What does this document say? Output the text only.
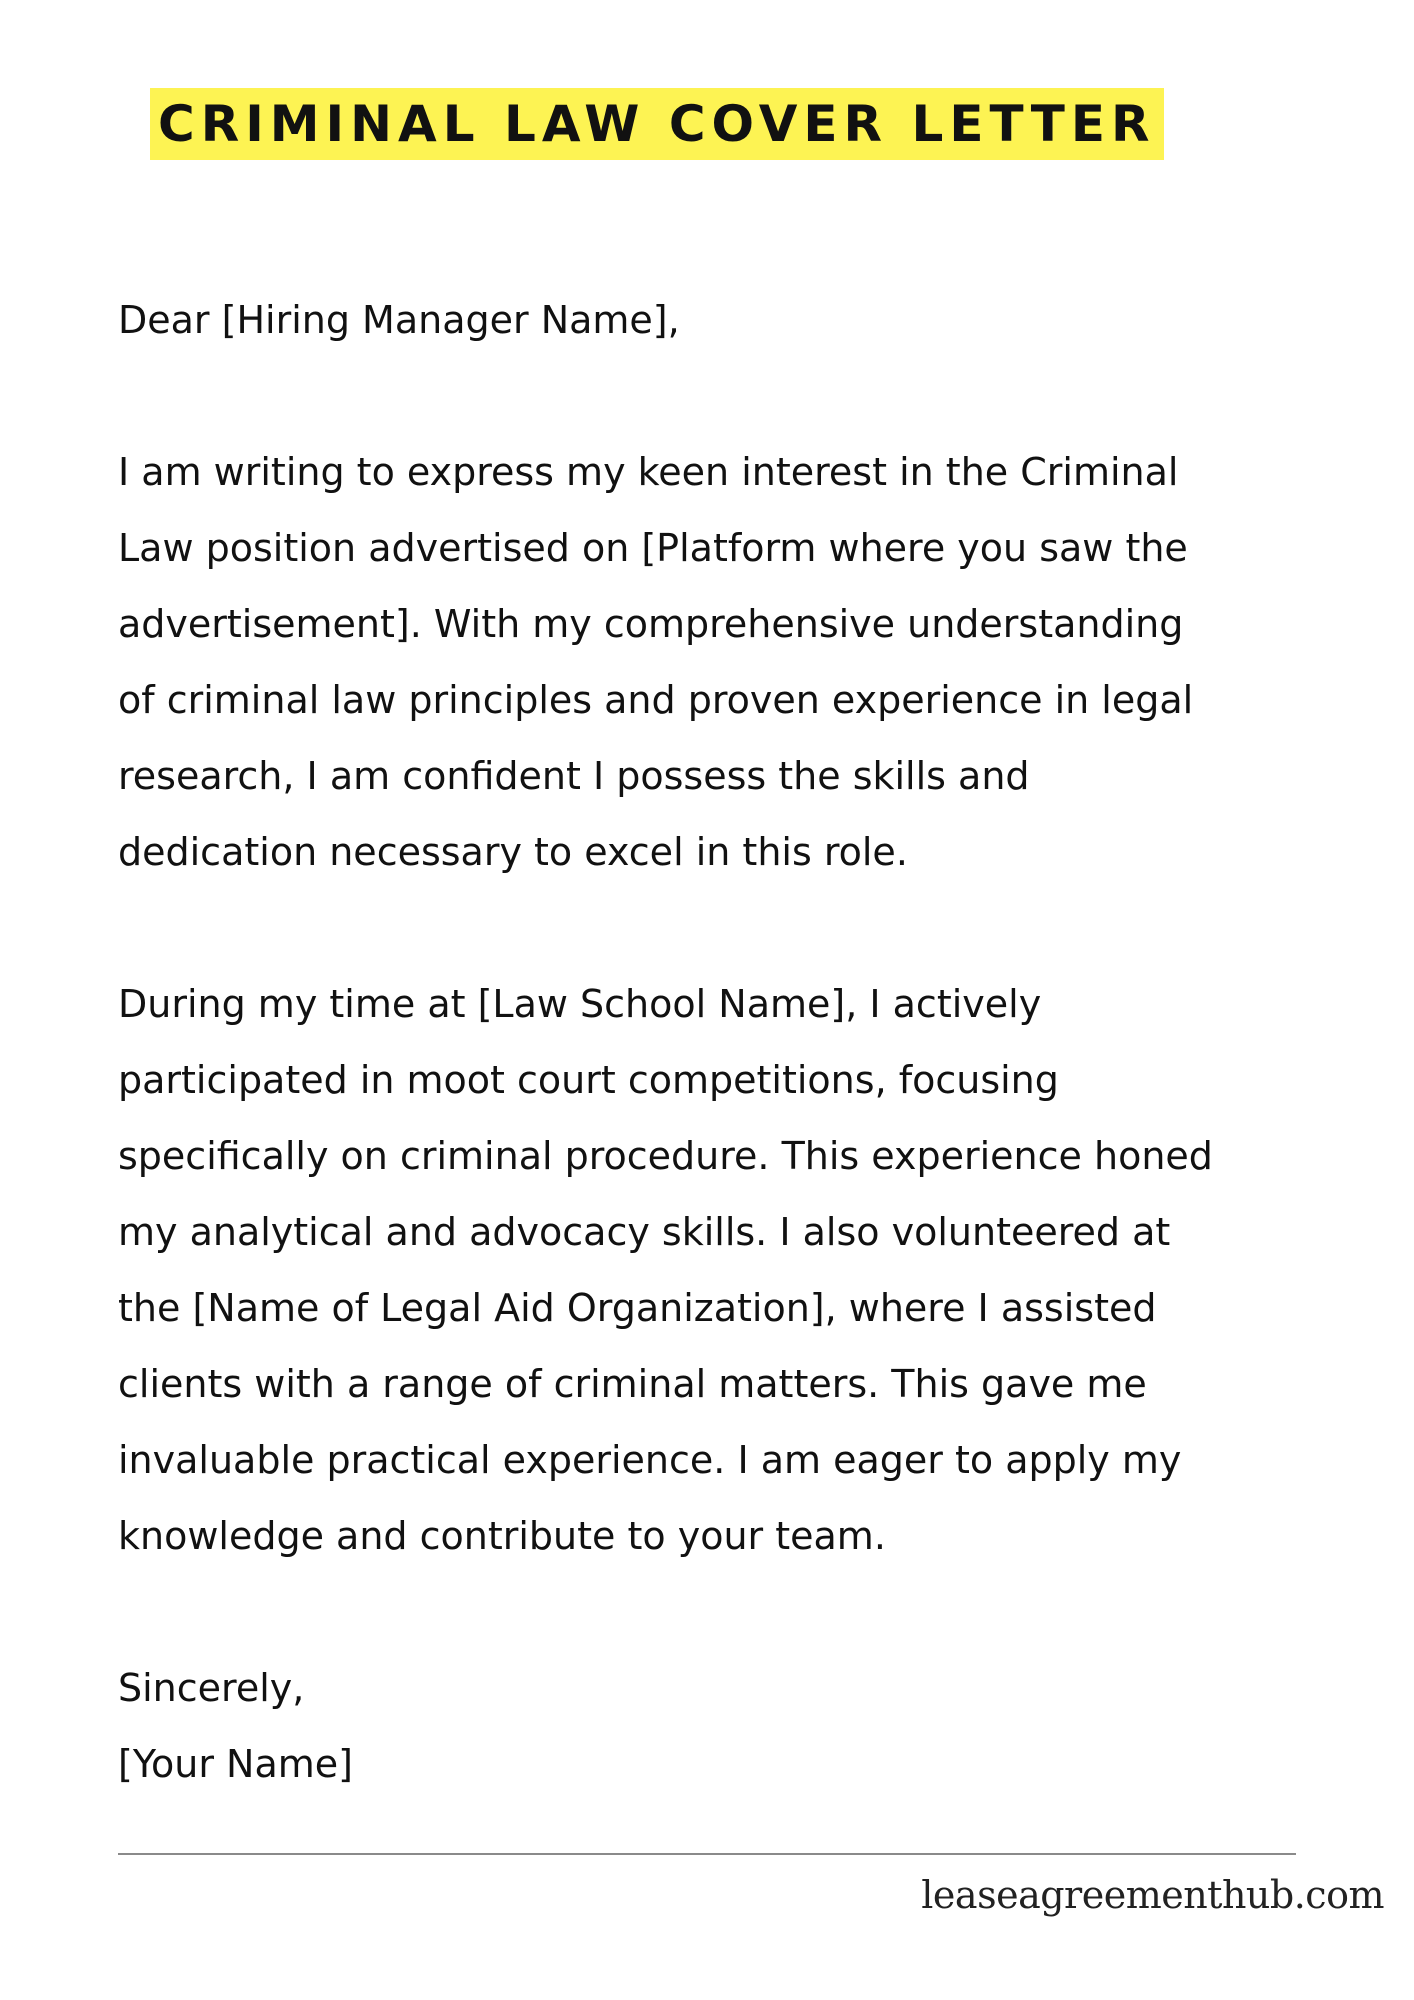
CRIMINAL LAW COVER LETTER

Dear [Hiring Manager Name],

I am writing to express my keen interest in the Criminal
Law position advertised on [Platform where you saw the
advertisement]. With my comprehensive understanding
of criminal law principles and proven experience in legal
research, I am confident I possess the skills and
dedication necessary to excel in this role.

During my time at [Law School Name], I actively
participated in moot court competitions, focusing
specifically on criminal procedure. This experience honed
my analytical and advocacy skills. I also volunteered at
the [Name of Legal Aid Organization], where I assisted
clients with a range of criminal matters. This gave me
invaluable practical experience. I am eager to apply my
knowledge and contribute to your team.

Sincerely,

[Your Name]

leaseagreementhub.com
